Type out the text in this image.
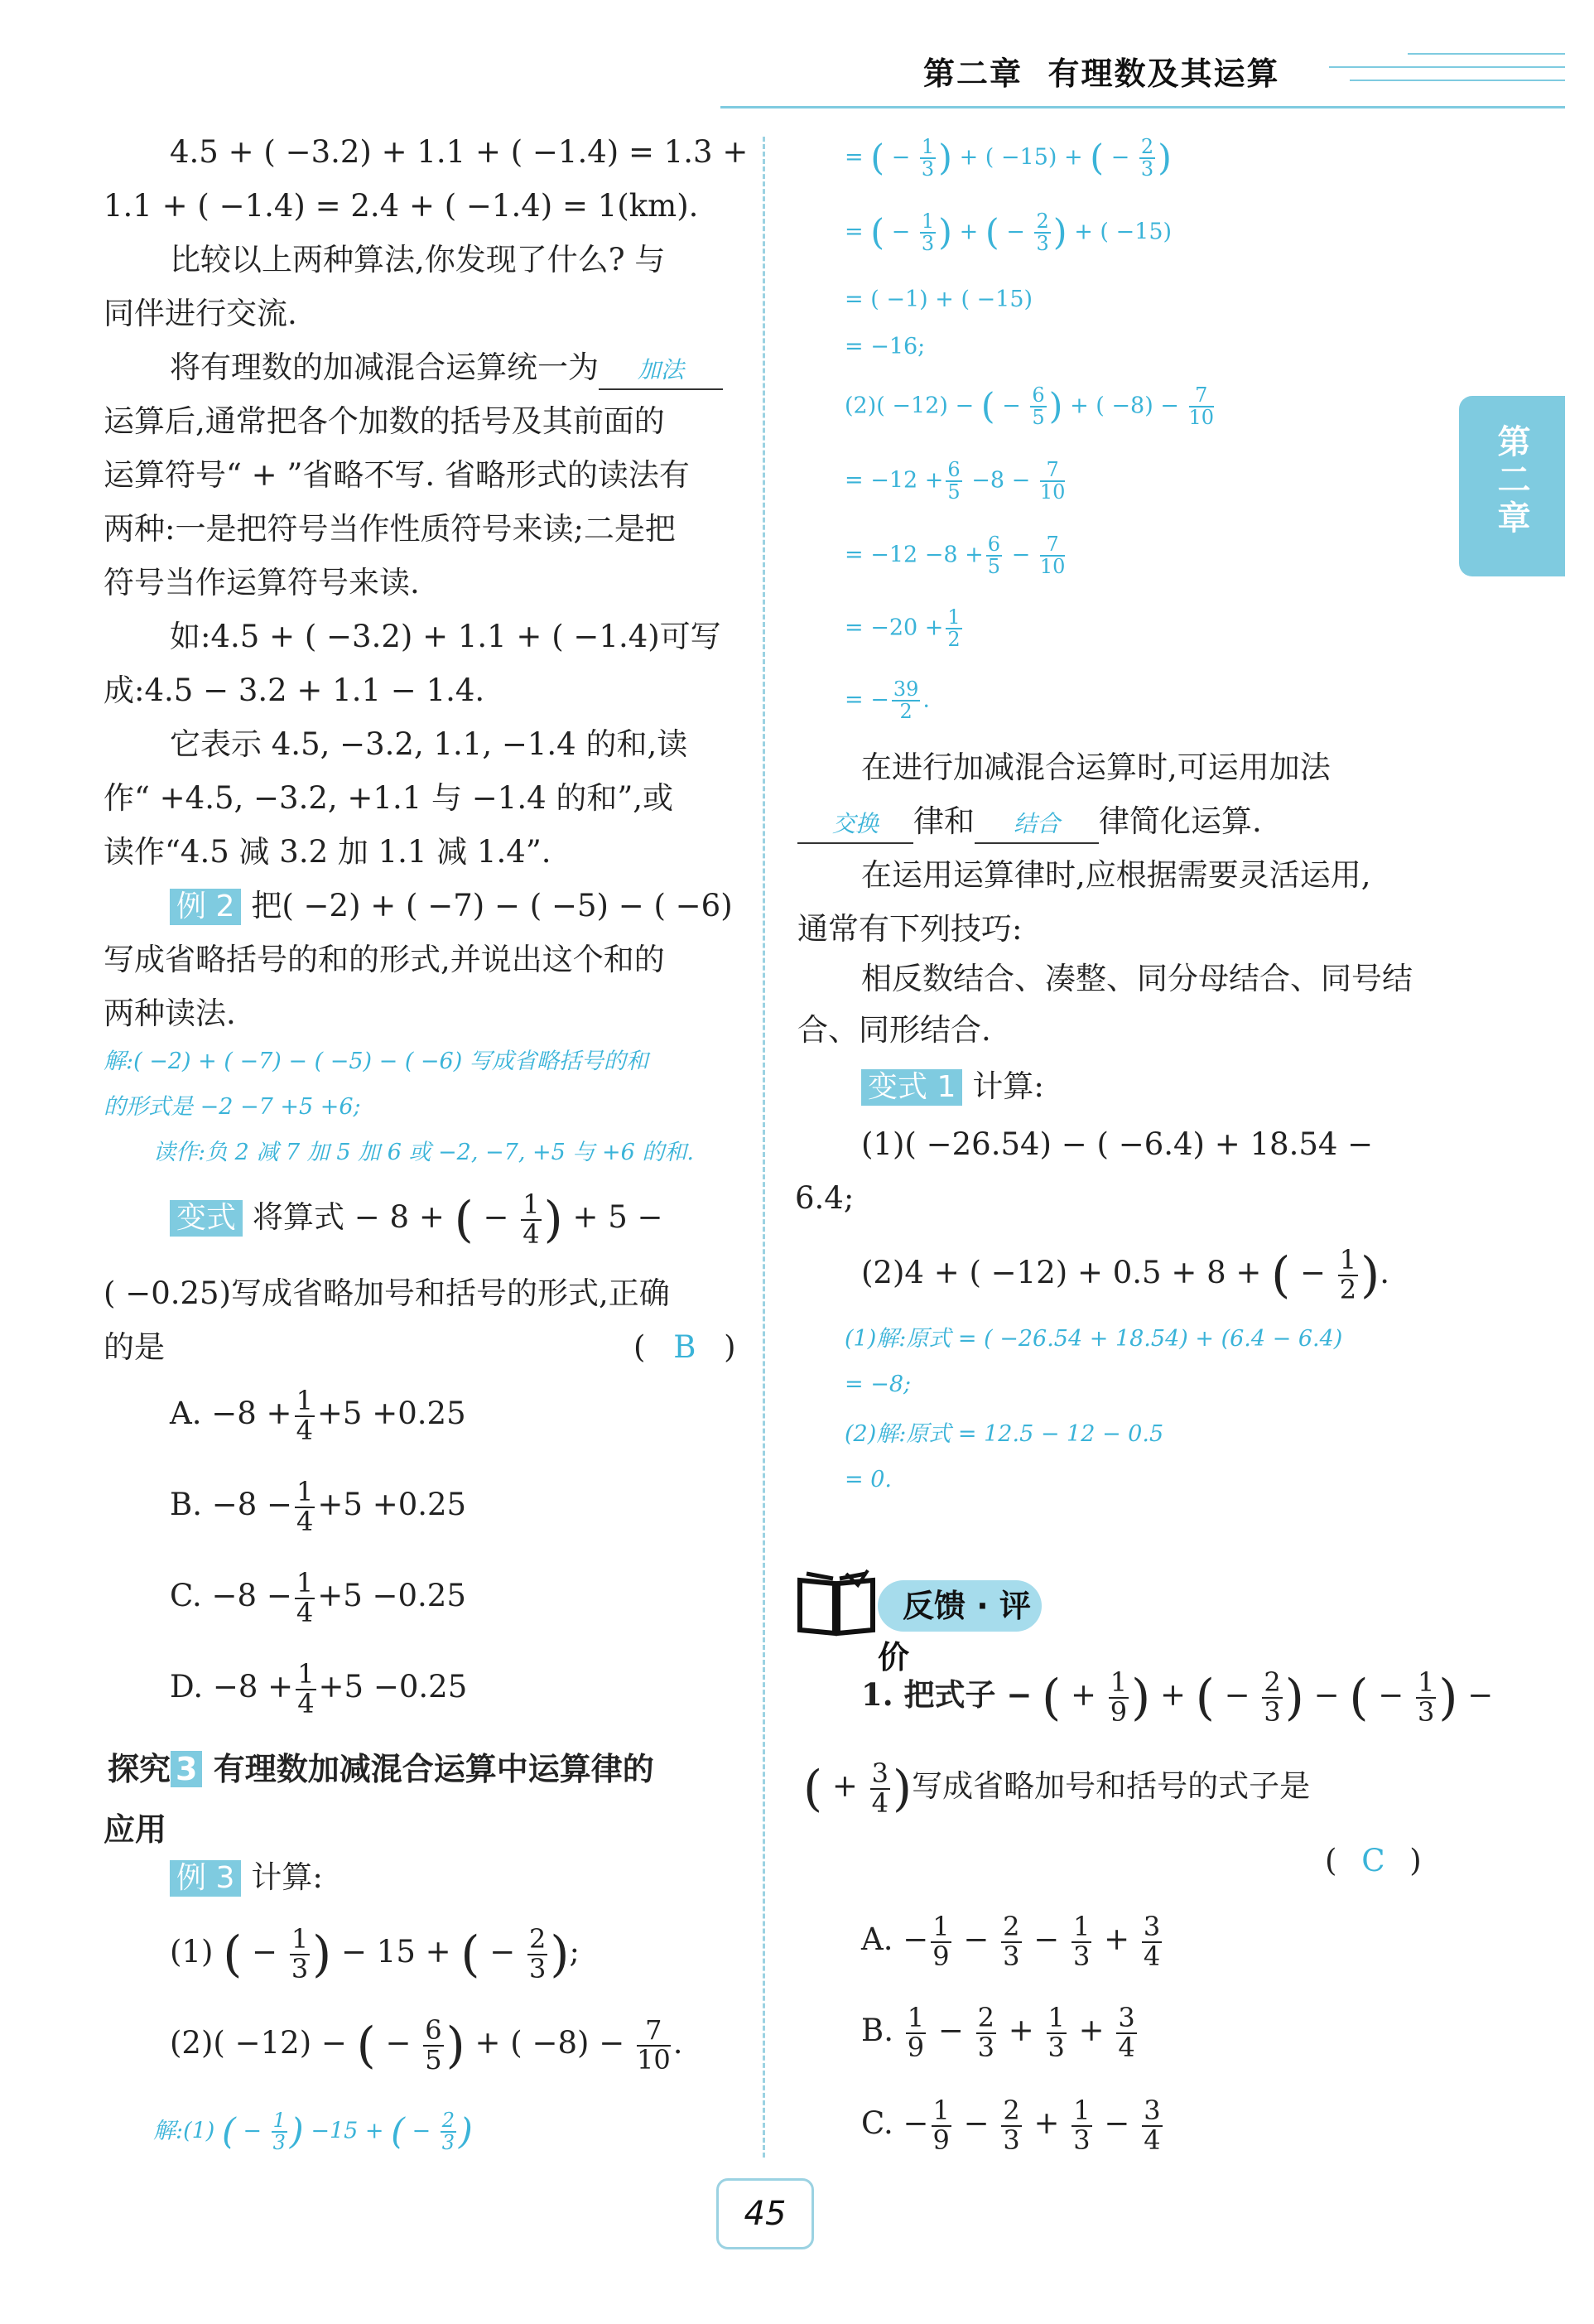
第二章 有理数及其运算
第二章
4.5 + ( −3.2) + 1.1 + ( −1.4) = 1.3 +
1.1 + ( −1.4) = 2.4 + ( −1.4) = 1(km).
比较以上两种算法,你发现了什么? 与
同伴进行交流.
将有理数的加减混合运算统一为 加法
运算后,通常把各个加数的括号及其前面的
运算符号“ + ”省略不写. 省略形式的读法有
两种:一是把符号当作性质符号来读;二是把
符号当作运算符号来读.
如:4.5 + ( −3.2) + 1.1 + ( −1.4)可写
成:4.5 − 3.2 + 1.1 − 1.4.
它表示 4.5, −3.2, 1.1, −1.4 的和,读
作“ +4.5, −3.2, +1.1 与 −1.4 的和”,或
读作“4.5 减 3.2 加 1.1 减 1.4”.
例 2 把( −2) + ( −7) − ( −5) − ( −6)
写成省略括号的和的形式,并说出这个和的
两种读法.
解:( −2) + ( −7) − ( −5) − ( −6) 写成省略括号的和
的形式是 −2 −7 +5 +6;
读作:负 2 减 7 加 5 加 6 或 −2, −7, +5 与 +6 的和.
变式 将算式 − 8 + ( − $\frac{1}{4}$ ) + 5 −
( −0.25)写成省略加号和括号的形式,正确
的是	( B )
A. $-8 + \frac{1}{4} +5 +0.25$
B. $-8 - \frac{1}{4} +5 +0.25$
C. $-8 - \frac{1}{4} +5 -0.25$
D. $-8 + \frac{1}{4} +5 -0.25$
探究 3 有理数加减混合运算中运算律的
应用
例 3 计算:
(1) ( − $\frac{1}{3}$ ) − 15 + ( − $\frac{2}{3}$ );
(2)( −12) − ( − $\frac{6}{5}$ ) + ( $-8) - \frac{7}{10}$ .
解:(1) ( − $\frac{1}{3}$ ) −15 + ( − $\frac{2}{3}$ )
= ( − $\frac{1}{3}$ ) + ( −15) + ( − $\frac{2}{3}$ )
= ( − $\frac{1}{3}$ ) + ( − $\frac{2}{3}$ ) + ( −15)
= ( −1) + ( −15)
= −16;
(2)( −12) − ( − $\frac{6}{5}$ ) + ( $-8) - \frac{7}{10}$
= $-12 + \frac{6}{5} -8 - \frac{7}{10}$
= $-12 -8 + \frac{6}{5} - \frac{7}{10}$
= $-20 + \frac{1}{2}$
= − $\frac{39}{2}$ .
在进行加减混合运算时,可运用加法
交换 律和 结合 律简化运算.
在运用运算律时,应根据需要灵活运用,
通常有下列技巧:
相反数结合、凑整、同分母结合、同号结
合、同形结合.
变式 1 计算:
(1)( −26.54) − ( −6.4) + 18.54 −
6.4;
(2)4 + ( −12) + 0.5 + 8 + ( − $\frac{1}{2}$ ).
(1)解:原式 = ( −26.54 + 18.54) + (6.4 − 6.4)
= −8;
(2)解:原式 = 12.5 − 12 − 0.5
= 0.
反馈 · 评价
1. 把式子 − ( + $\frac{1}{9}$ ) + ( − $\frac{2}{3}$ ) − ( − $\frac{1}{3}$ ) −
( + $\frac{3}{4}$ )写成省略加号和括号的式子是
( C )
A. − $\frac{1}{9} - \frac{2}{3} - \frac{1}{3} + \frac{3}{4}$
B. $\frac{1}{9} - \frac{2}{3} + \frac{1}{3} + \frac{3}{4}$
C. − $\frac{1}{9} - \frac{2}{3} + \frac{1}{3} - \frac{3}{4}$
45
